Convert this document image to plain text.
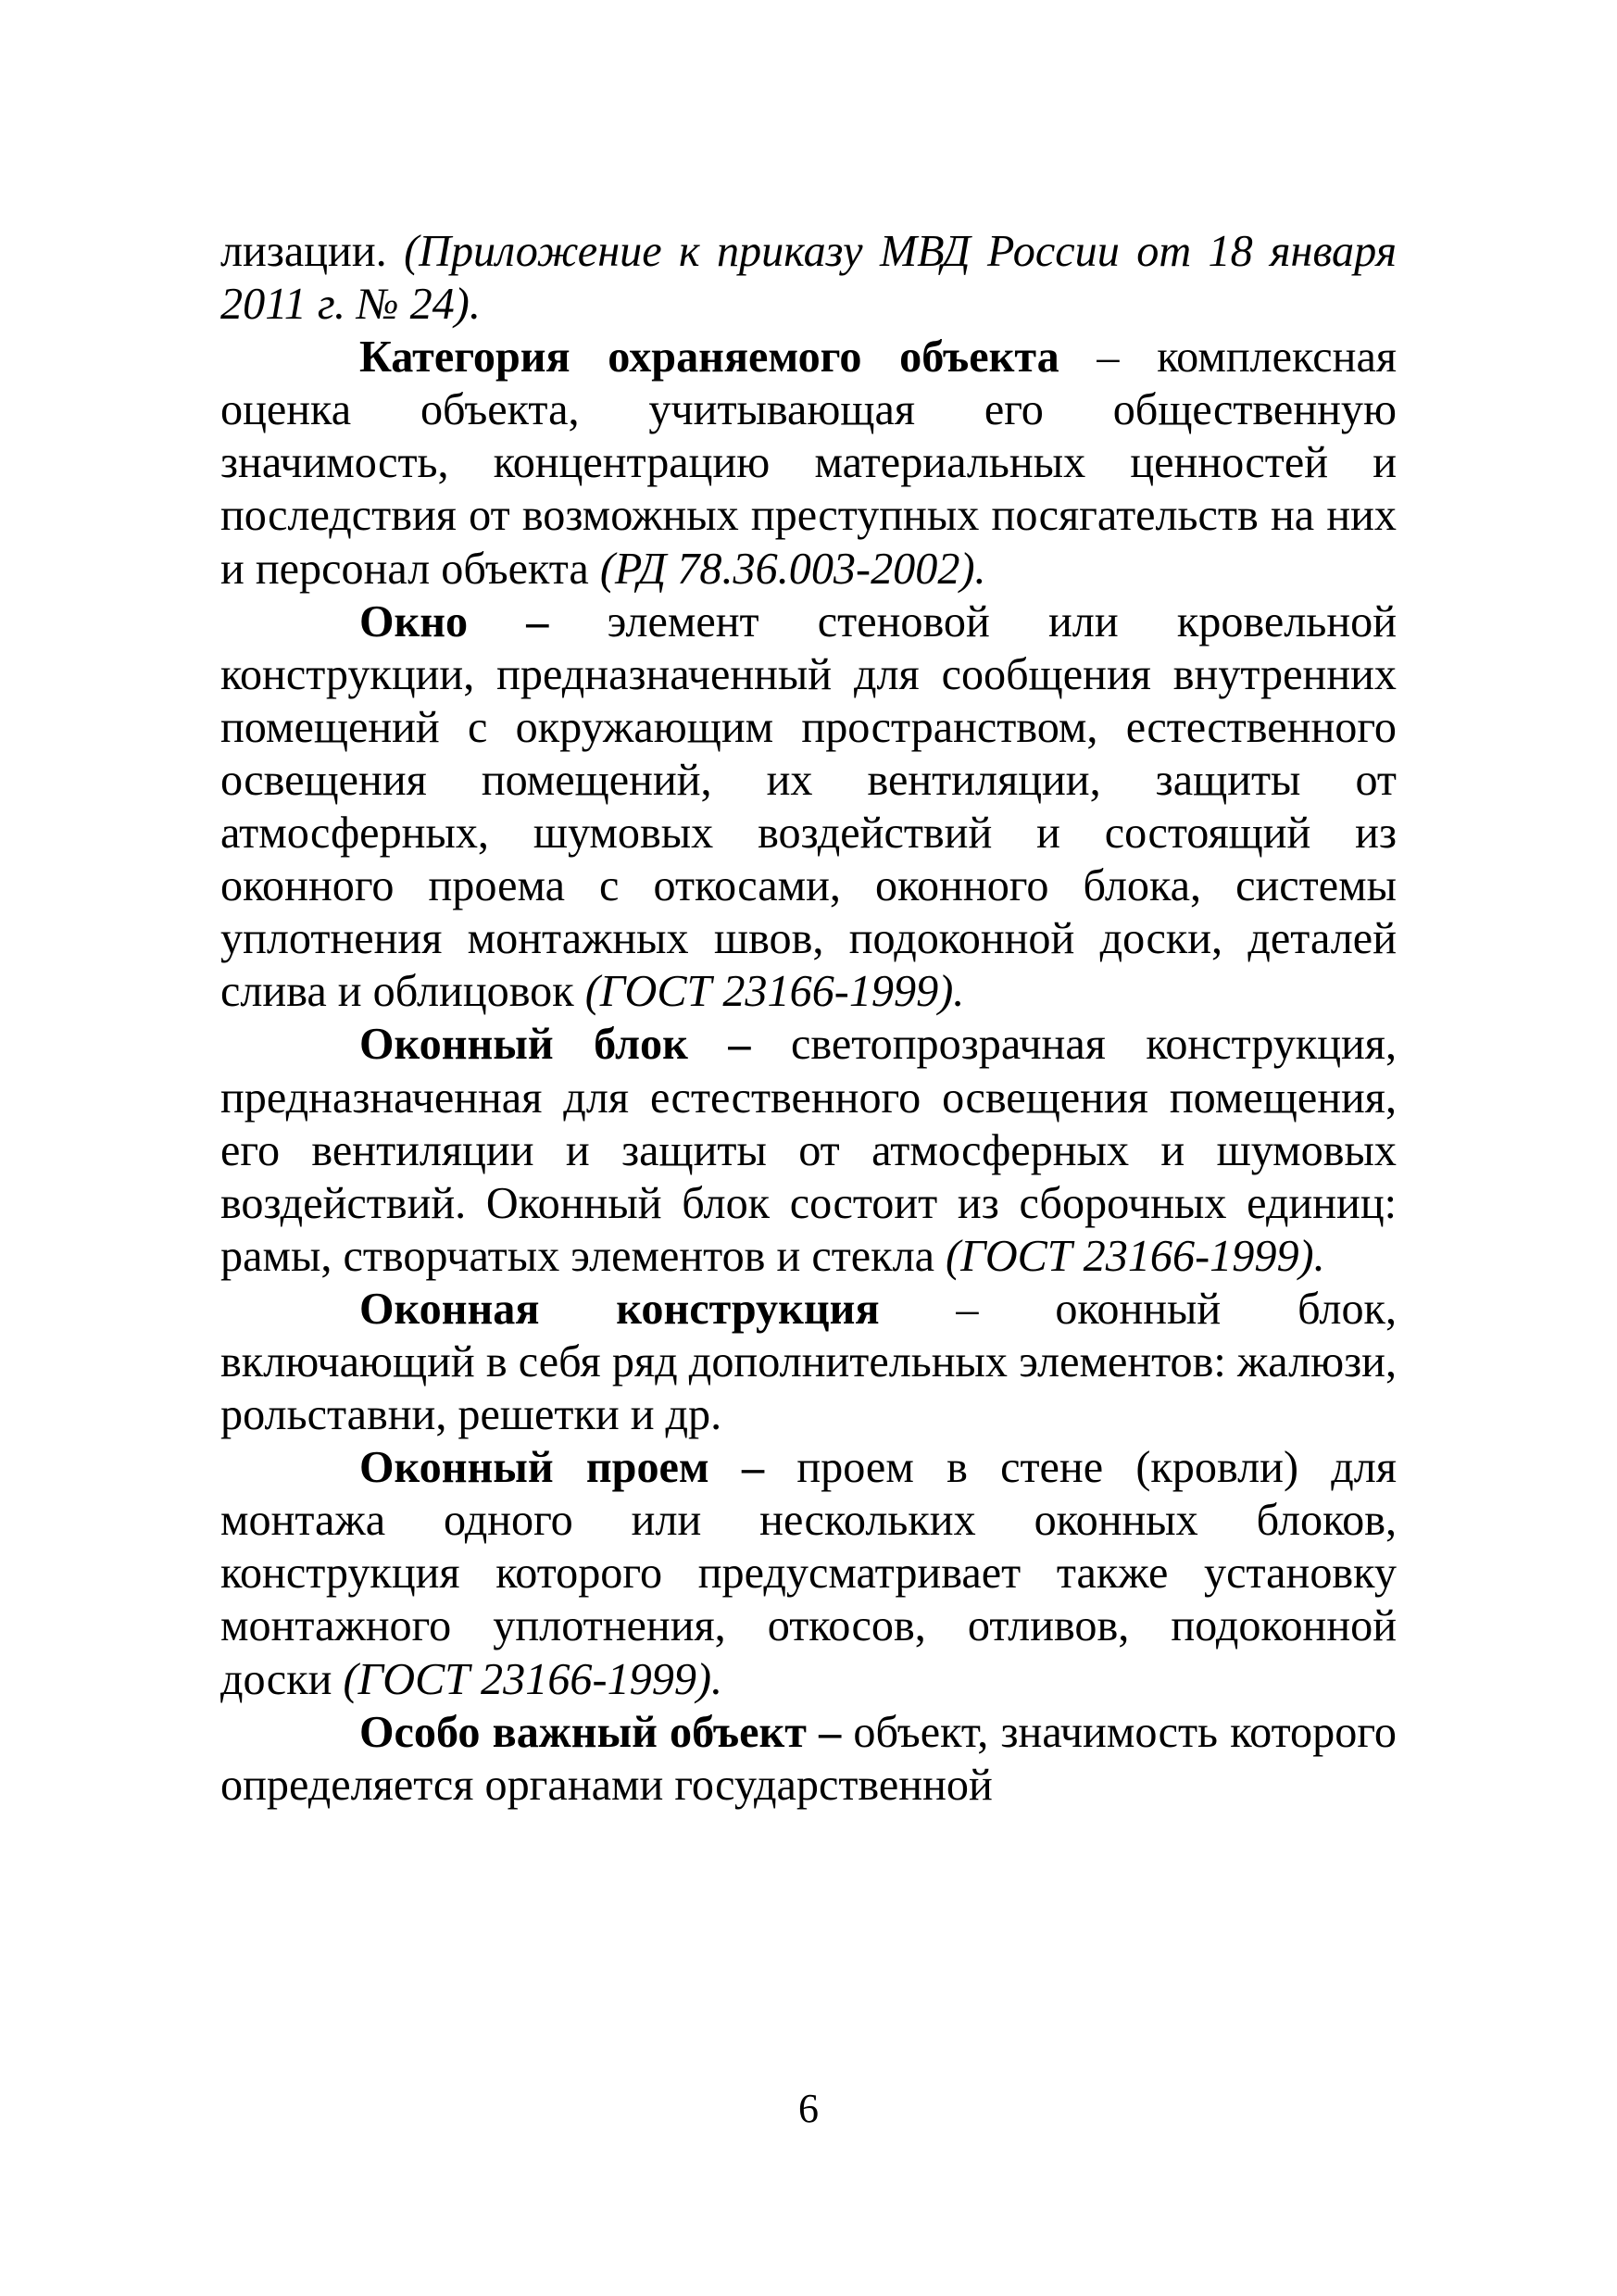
лизации. (Приложение к приказу МВД России от 18 января 2011 г. № 24).

Категория охраняемого объекта – комплексная оценка объекта, учитывающая его общественную значимость, концентрацию материальных ценностей и последствия от возможных преступных посягательств на них и персонал объекта (РД 78.36.003-2002).

Окно – элемент стеновой или кровельной конструкции, предназначенный для сообщения внутренних помещений с окружающим пространством, естественного освещения помещений, их вентиляции, защиты от атмосферных, шумовых воздействий и состоящий из оконного проема с откосами, оконного блока, системы уплотнения монтажных швов, подоконной доски, деталей слива и облицовок (ГОСТ 23166-1999).

Оконный блок – светопрозрачная конструкция, предназначенная для естественного освещения помещения, его вентиляции и защиты от атмосферных и шумовых воздействий. Оконный блок состоит из сборочных единиц: рамы, створчатых элементов и стекла (ГОСТ 23166-1999).

Оконная конструкция – оконный блок, включающий в себя ряд дополнительных элементов: жалюзи, рольставни, решетки и др.

Оконный проем – проем в стене (кровли) для монтажа одного или нескольких оконных блоков, конструкция которого предусматривает также установку монтажного уплотнения, откосов, отливов, подоконной доски (ГОСТ 23166-1999).

Особо важный объект – объект, значимость которого определяется органами государственной

6
